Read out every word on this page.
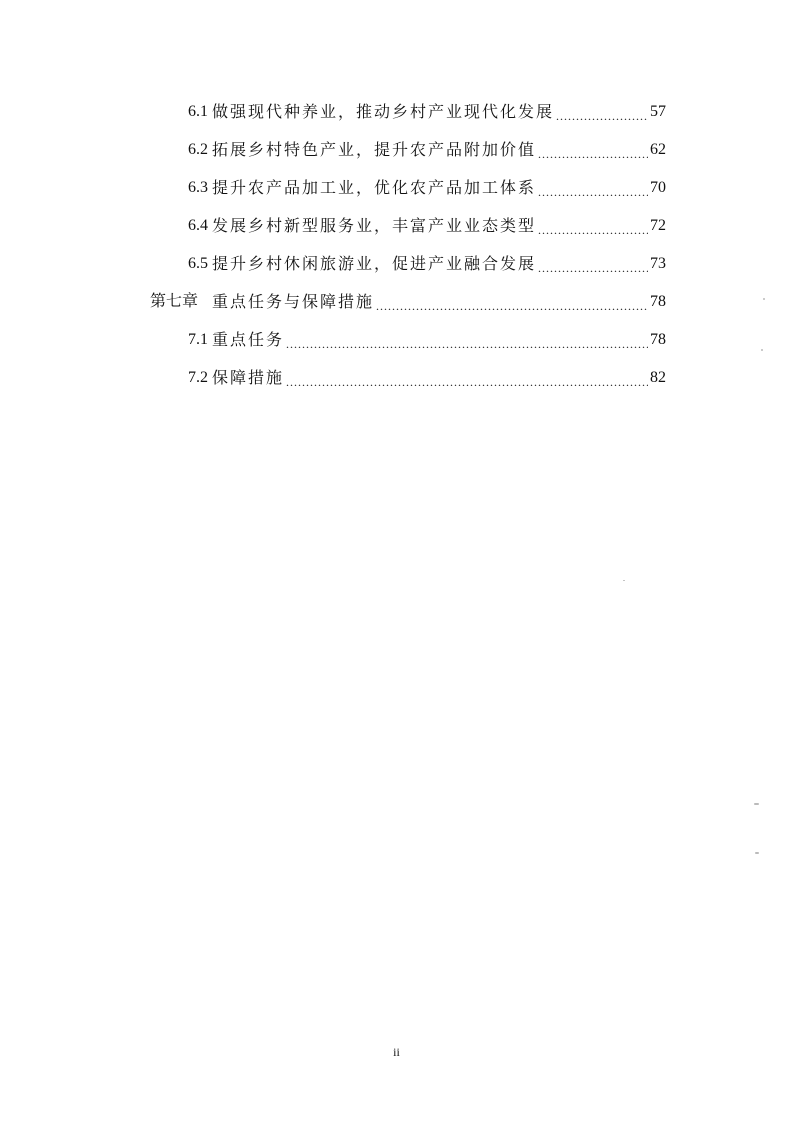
6.1 做强现代种养业，推动乡村产业现代化发展 .....	57
6.2 拓展乡村特色产业，提升农产品附加价值 .....	62
6.3 提升农产品加工业，优化农产品加工体系 .....	70
6.4 发展乡村新型服务业，丰富产业业态类型 .....	72
6.5 提升乡村休闲旅游业，促进产业融合发展 .....	73
第七章 重点任务与保障措施 .....	78
7.1 重点任务 .....	78
7.2 保障措施 .....	82
ii
